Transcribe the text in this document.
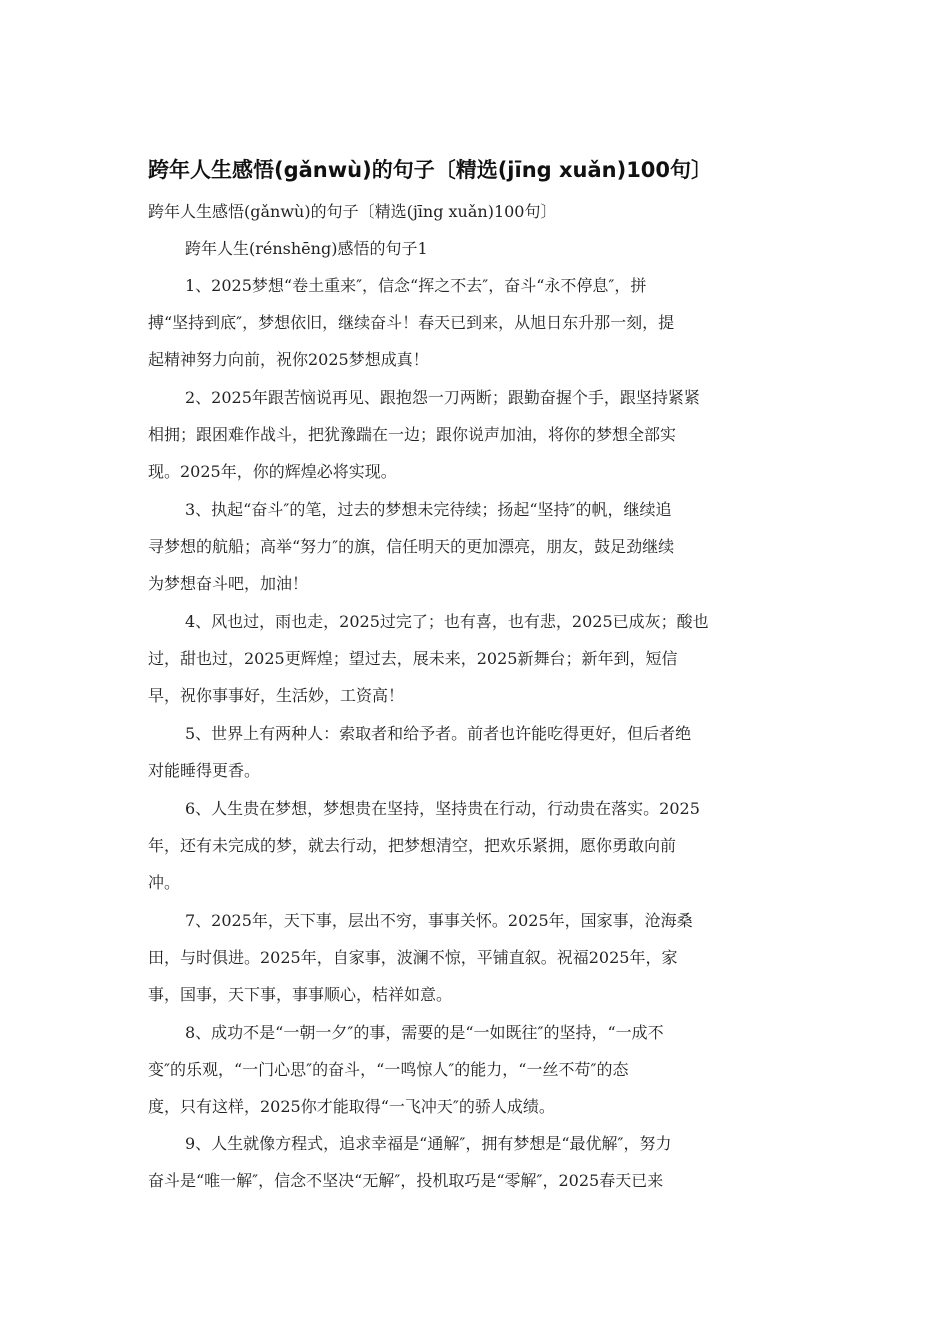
跨年人生感悟(gǎnwù)的句子〔精选(jīng xuǎn)100句〕
跨年人生感悟(gǎnwù)的句子〔精选(jīng xuǎn)100句〕
跨年人生(rénshēng)感悟的句子1
1、2025梦想“卷土重来″，信念“挥之不去″，奋斗“永不停息″，拼
搏“坚持到底″，梦想依旧，继续奋斗！春天已到来，从旭日东升那一刻，提
起精神努力向前，祝你2025梦想成真！
2、2025年跟苦恼说再见、跟抱怨一刀两断；跟勤奋握个手，跟坚持紧紧
相拥；跟困难作战斗，把犹豫踹在一边；跟你说声加油，将你的梦想全部实
现。2025年，你的辉煌必将实现。
3、执起“奋斗″的笔，过去的梦想未完待续；扬起“坚持″的帆，继续追
寻梦想的航船；高举“努力″的旗，信任明天的更加漂亮，朋友，鼓足劲继续
为梦想奋斗吧，加油！
4、风也过，雨也走，2025过完了；也有喜，也有悲，2025已成灰；酸也
过，甜也过，2025更辉煌；望过去，展未来，2025新舞台；新年到，短信
早，祝你事事好，生活妙，工资高！
5、世界上有两种人：索取者和给予者。前者也许能吃得更好，但后者绝
对能睡得更香。
6、人生贵在梦想，梦想贵在坚持，坚持贵在行动，行动贵在落实。2025
年，还有未完成的梦，就去行动，把梦想清空，把欢乐紧拥，愿你勇敢向前
冲。
7、2025年，天下事，层出不穷，事事关怀。2025年，国家事，沧海桑
田，与时俱进。2025年，自家事，波澜不惊，平铺直叙。祝福2025年，家
事，国事，天下事，事事顺心，桔祥如意。
8、成功不是“一朝一夕″的事，需要的是“一如既往″的坚持，“一成不
变″的乐观，“一门心思″的奋斗，“一鸣惊人″的能力，“一丝不苟″的态
度，只有这样，2025你才能取得“一飞冲天″的骄人成绩。
9、人生就像方程式，追求幸福是“通解″，拥有梦想是“最优解″，努力
奋斗是“唯一解″，信念不坚决“无解″，投机取巧是“零解″，2025春天已来
